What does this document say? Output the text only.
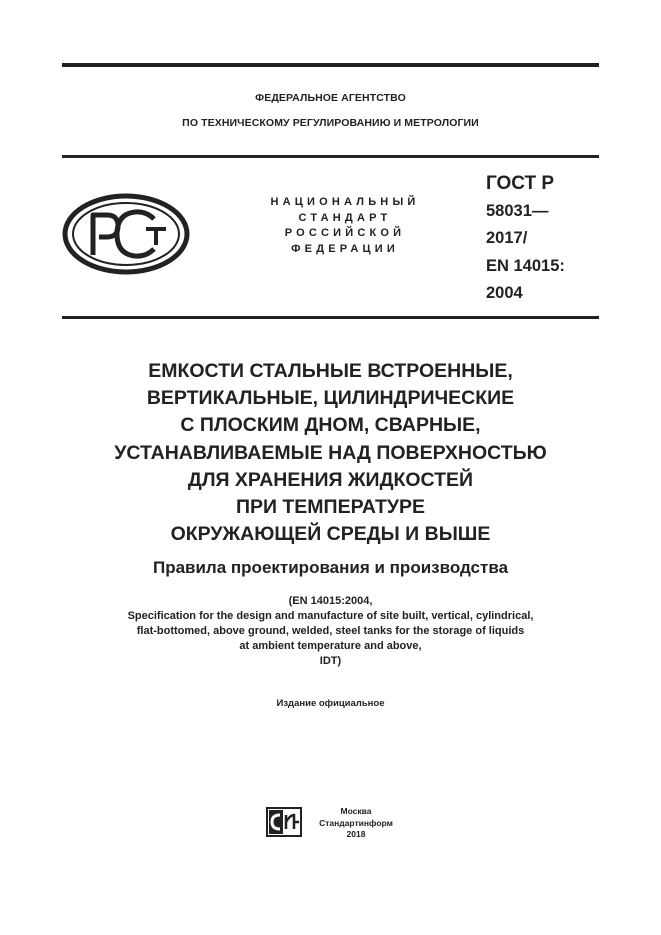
ФЕДЕРАЛЬНОЕ АГЕНТСТВО
ПО ТЕХНИЧЕСКОМУ РЕГУЛИРОВАНИЮ И МЕТРОЛОГИИ
НАЦИОНАЛЬНЫЙ
СТАНДАРТ
РОССИЙСКОЙ
ФЕДЕРАЦИИ
ГОСТ Р
58031—
2017/
EN 14015:
2004
ЕМКОСТИ СТАЛЬНЫЕ ВСТРОЕННЫЕ,
ВЕРТИКАЛЬНЫЕ, ЦИЛИНДРИЧЕСКИЕ
С ПЛОСКИМ ДНОМ, СВАРНЫЕ,
УСТАНАВЛИВАЕМЫЕ НАД ПОВЕРХНОСТЬЮ
ДЛЯ ХРАНЕНИЯ ЖИДКОСТЕЙ
ПРИ ТЕМПЕРАТУРЕ
ОКРУЖАЮЩЕЙ СРЕДЫ И ВЫШЕ
Правила проектирования и производства
(EN 14015:2004,
Specification for the design and manufacture of site built, vertical, cylindrical,
flat-bottomed, above ground, welded, steel tanks for the storage of liquids
at ambient temperature and above,
IDT)
Издание официальное
Москва
Стандартинформ
2018
